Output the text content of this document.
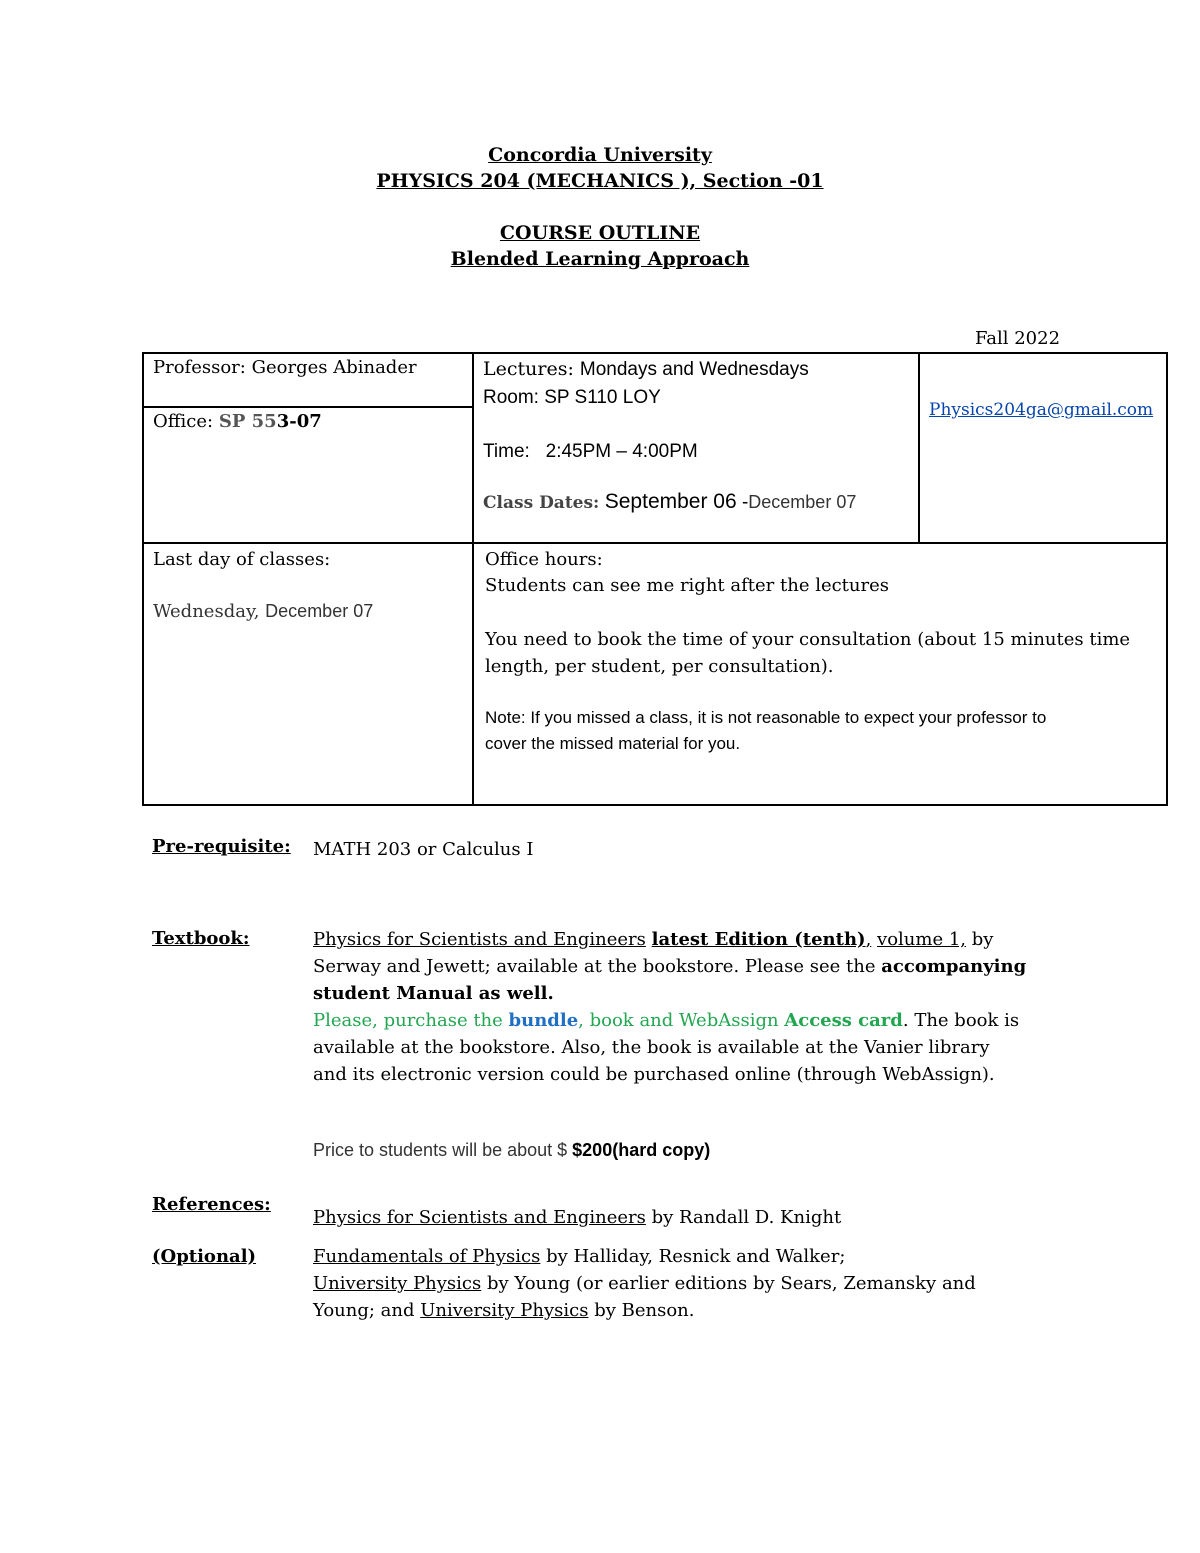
Concordia University
PHYSICS 204 (MECHANICS ), Section -01
COURSE OUTLINE
Blended Learning Approach
Fall 2022
Professor: Georges Abinader
Office: SP 553-07
Lectures: Mondays and Wednesdays
Room: SP S110 LOY
Time: 2:45PM – 4:00PM
Class Dates: September 06 -December 07
Physics204ga@gmail.com
Last day of classes:
Wednesday, December 07
Office hours:
Students can see me right after the lectures
You need to book the time of your consultation (about 15 minutes time length, per student, per consultation).
Note: If you missed a class, it is not reasonable to expect your professor to
cover the missed material for you.
Pre-requisite: MATH 203 or Calculus I
Textbook:	Physics for Scientists and Engineers latest Edition (tenth), volume 1, by
Serway and Jewett; available at the bookstore. Please see the accompanying
student Manual as well.
Please, purchase the bundle, book and WebAssign Access card. The book is
available at the bookstore. Also, the book is available at the Vanier library
and its electronic version could be purchased online (through WebAssign).
Price to students will be about $ $200(hard copy)
References:
Physics for Scientists and Engineers by Randall D. Knight
(Optional)	Fundamentals of Physics by Halliday, Resnick and Walker;
University Physics by Young (or earlier editions by Sears, Zemansky and
Young; and University Physics by Benson.
